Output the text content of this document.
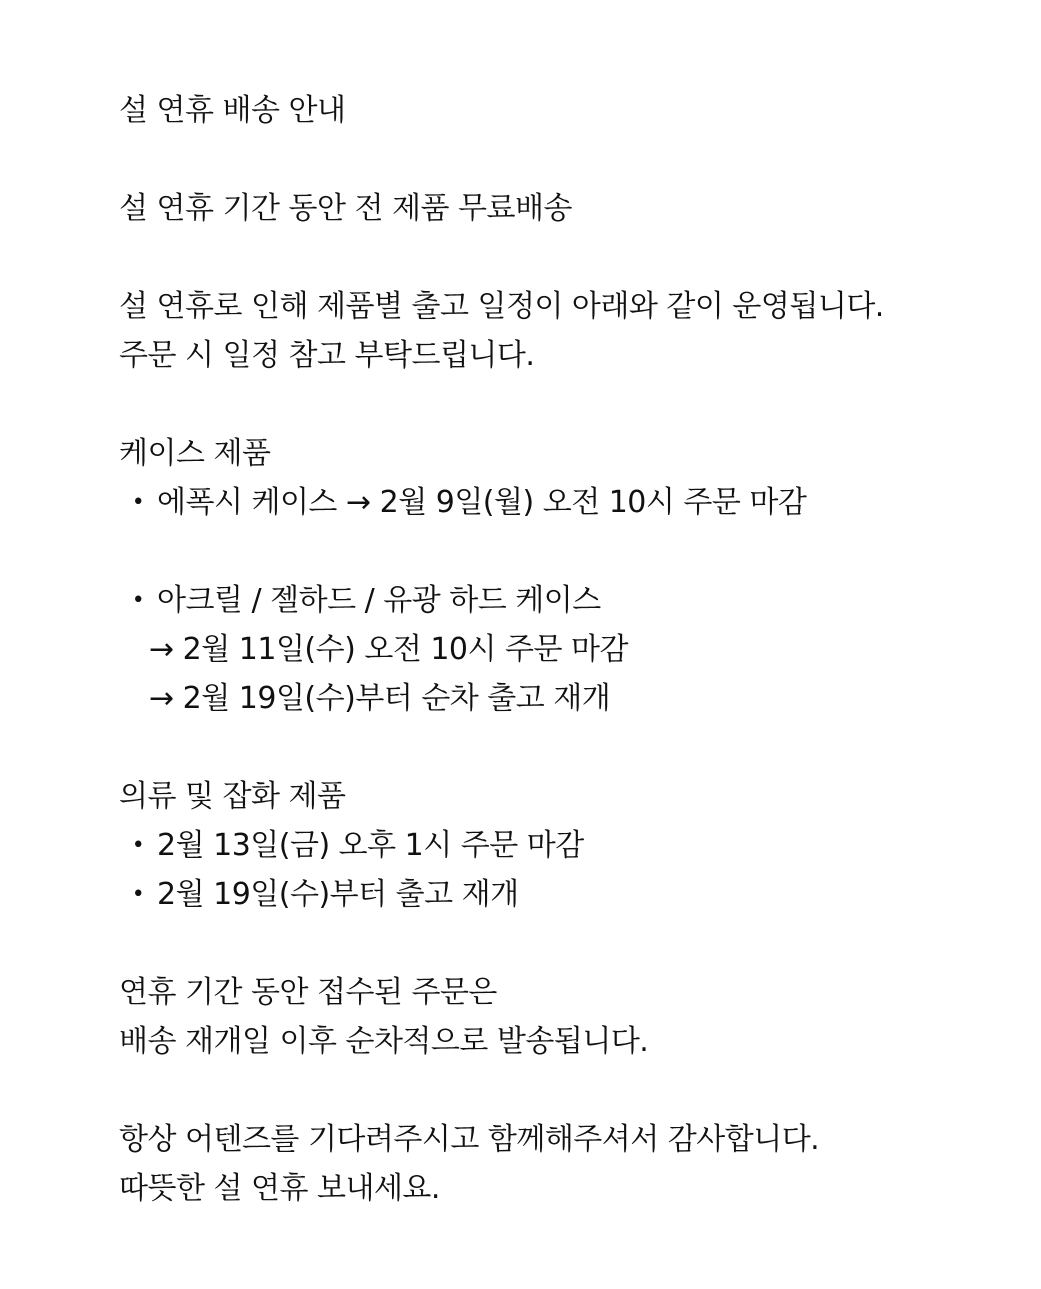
설 연휴 배송 안내
설 연휴 기간 동안 전 제품 무료배송
설 연휴로 인해 제품별 출고 일정이 아래와 같이 운영됩니다.
주문 시 일정 참고 부탁드립니다.
케이스 제품
• 에폭시 케이스 → 2월 9일(월) 오전 10시 주문 마감
• 아크릴 / 젤하드 / 유광 하드 케이스
→ 2월 11일(수) 오전 10시 주문 마감
→ 2월 19일(수)부터 순차 출고 재개
의류 및 잡화 제품
• 2월 13일(금) 오후 1시 주문 마감
• 2월 19일(수)부터 출고 재개
연휴 기간 동안 접수된 주문은
배송 재개일 이후 순차적으로 발송됩니다.
항상 어텐즈를 기다려주시고 함께해주셔서 감사합니다.
따뜻한 설 연휴 보내세요.
